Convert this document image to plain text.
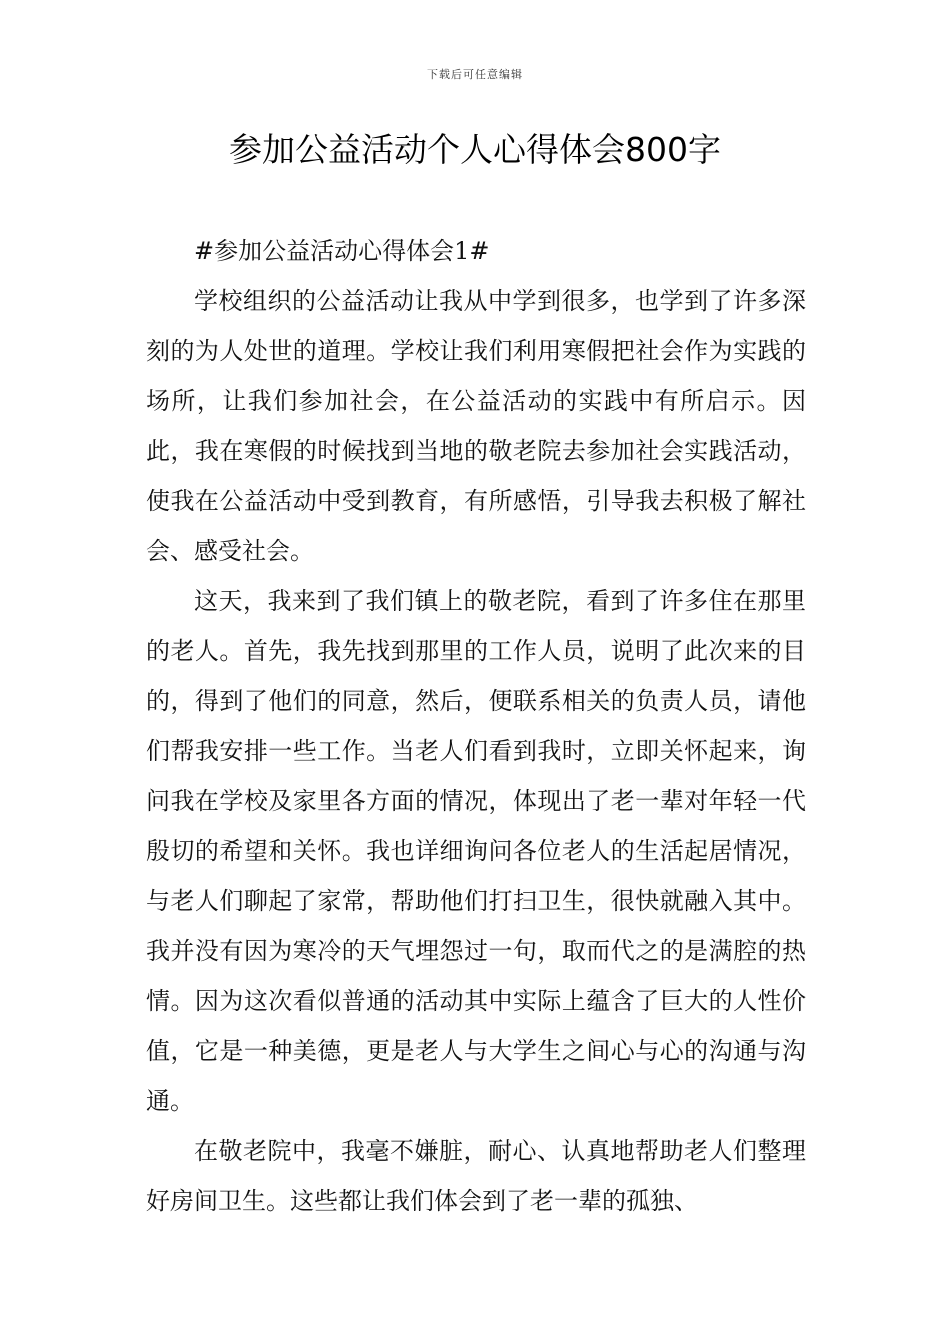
下载后可任意编辑
参加公益活动个人心得体会800字

#参加公益活动心得体会1#

学校组织的公益活动让我从中学到很多，也学到了许多深刻的为人处世的道理。学校让我们利用寒假把社会作为实践的场所，让我们参加社会，在公益活动的实践中有所启示。因此，我在寒假的时候找到当地的敬老院去参加社会实践活动，使我在公益活动中受到教育，有所感悟，引导我去积极了解社会、感受社会。

这天，我来到了我们镇上的敬老院，看到了许多住在那里的老人。首先，我先找到那里的工作人员，说明了此次来的目的，得到了他们的同意，然后，便联系相关的负责人员，请他们帮我安排一些工作。当老人们看到我时，立即关怀起来，询问我在学校及家里各方面的情况，体现出了老一辈对年轻一代殷切的希望和关怀。我也详细询问各位老人的生活起居情况，与老人们聊起了家常，帮助他们打扫卫生，很快就融入其中。我并没有因为寒冷的天气埋怨过一句，取而代之的是满腔的热情。因为这次看似普通的活动其中实际上蕴含了巨大的人性价值，它是一种美德，更是老人与大学生之间心与心的沟通与沟通。

在敬老院中，我毫不嫌脏，耐心、认真地帮助老人们整理好房间卫生。这些都让我们体会到了老一辈的孤独、
